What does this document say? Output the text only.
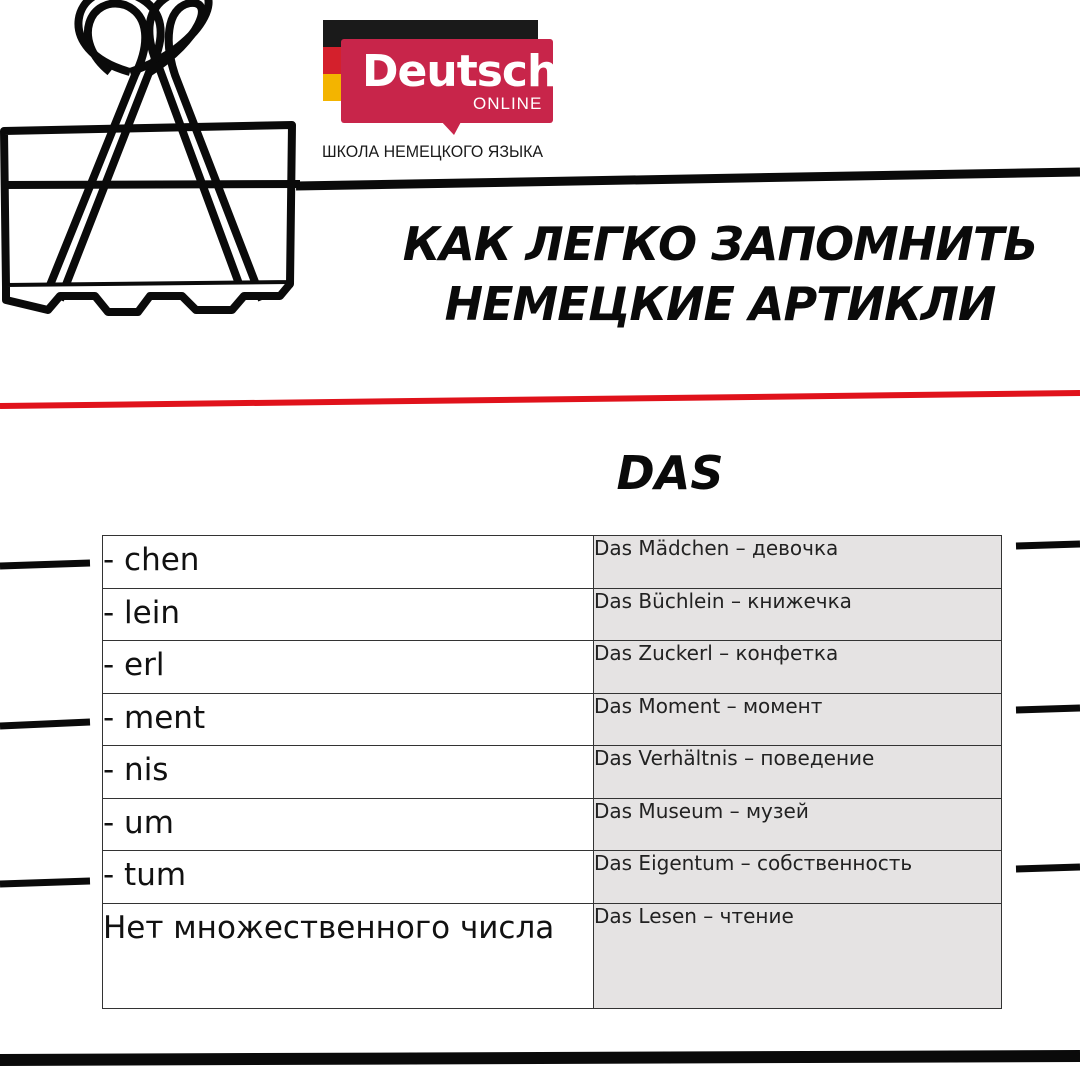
Deutsch
ONLINE
ШКОЛА НЕМЕЦКОГО ЯЗЫКА
КАК ЛЕГКО ЗАПОМНИТЬ
НЕМЕЦКИЕ АРТИКЛИ
DAS
- chen	Das Mädchen – девочка
- lein	Das Büchlein – книжечка
- erl	Das Zuckerl – конфетка
- ment	Das Moment – момент
- nis	Das Verhältnis – поведение
- um	Das Museum – музей
- tum	Das Eigentum – собственность
Нет множественного числа	Das Lesen – чтение
